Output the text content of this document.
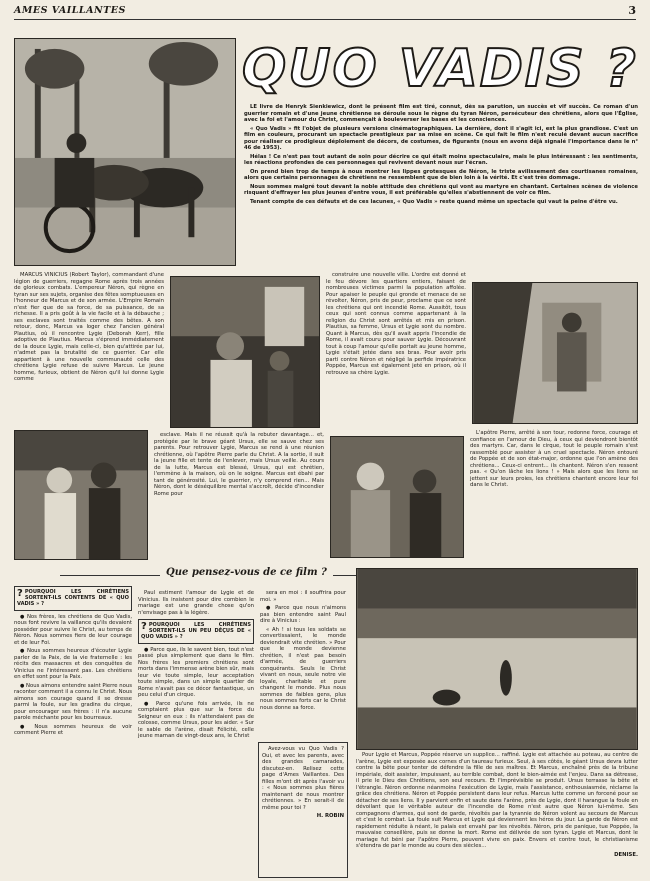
AMES VAILLANTES	3
QUO VADIS ?

LE livre de Henryk Sienkiewicz, dont le présent film est tiré, connut, dès sa parution, un succès et vif succès. Ce roman d'un guerrier romain et d'une jeune chrétienne se déroule sous le règne du tyran Néron, persécuteur des chrétiens, alors que l'Église, avec la foi et l'amour du Christ, commençait à bouleverser les bases et les consciences.

« Quo Vadis » fit l'objet de plusieurs versions cinématographiques. La dernière, dont il s'agit ici, est la plus grandiose. C'est un film en couleurs, procurant un spectacle prestigieux par sa mise en scène. Ce qui fait le film n'est reculé devant aucun sacrifice pour réaliser ce prodigieux déploiement de décors, de costumes, de figurants (nous en avons déjà signalé l'importance dans le n° 46 de 1953).

Hélas ! Ce n'est pas tout autant de soin pour décrire ce qui était moins spectaculaire, mais le plus intéressant : les sentiments, les réactions profondes de ces personnages qui revivent devant nous sur l'écran.

On prend bien trop de temps à nous montrer les lippes grotesques de Néron, le triste avilissement des courtisanes romaines, alors que certains personnages de chrétiens ne ressemblent que de bien loin à la vérité. Et c'est très dommage.

Nous sommes malgré tout devant la noble attitude des chrétiens qui vont au martyre en chantant. Certaines scènes de violence risquant d'effrayer les plus jeunes d'entre vous, il est préférable qu'elles s'abstiennent de voir ce film.

Tenant compte de ces défauts et de ces lacunes, « Quo Vadis » reste quand même un spectacle qui vaut la peine d'être vu.

MARCUS VINICIUS (Robert Taylor), commandant d'une légion de guerriers, regagne Rome après trois années de glorieux combats. L'empereur Néron, qui règne en tyran sur ses sujets, organise des fêtes somptueuses en l'honneur de Marcus et de son armée. L'Empire Romain n'est fier que de sa force, de sa puissance, de sa richesse. Il a pris goût à la vie facile et à la débauche ; ses esclaves sont traités comme des bêtes. A son retour, donc, Marcus va loger chez l'ancien général Plautius, où il rencontre Lygie (Deborah Kerr), fille adoptive de Plautius. Marcus s'éprend immédiatement de la douce Lygie, mais celle-ci, bien qu'attirée par lui, n'admet pas la brutalité de ce guerrier. Car elle appartient à une nouvelle communauté celle des chrétiens Lygie refuse de suivre Marcus. Le jeune homme, furieux, obtient de Néron qu'il lui donne Lygie comme

construire une nouvelle ville. L'ordre est donné et le feu dévore les quartiers entiers, faisant de nombreuses victimes parmi la population affolée. Pour apaiser le peuple qui gronde et menace de se révolter, Néron, pris de peur, proclame que ce sont les chrétiens qui ont incendié Rome. Aussitôt, tous ceux qui sont connus comme appartenant à la religion du Christ sont arrêtés et mis en prison. Plautius, sa femme, Ursus et Lygie sont du nombre. Quant à Marcus, dès qu'il avait appris l'incendie de Rome, il avait couru pour sauver Lygie. Découvrant tout à coup l'amour qu'elle portait au jeune homme, Lygie s'était jetée dans ses bras. Pour avoir pris parti contre Néron et négligé la perfide impératrice Poppée, Marcus est également jeté en prison, où il retrouve sa chère Lygie.

esclave. Mais il ne réussit qu'à la rebuter davantage... et, protégée par le brave géant Ursus, elle se sauve chez ses parents. Pour retrouver Lygie, Marcus se rend à une réunion chrétienne, où l'apôtre Pierre parle du Christ. A la sortie, il suit la jeune fille et tente de l'enlever, mais Ursus veille. Au cours de la lutte, Marcus est blessé, Ursus, qui est chrétien, l'emmène à la maison, où on le soigne. Marcus est ébahi par tant de générosité. Lui, le guerrier, n'y comprend rien... Mais Néron, dont le déséquilibre mental s'accroît, décide d'incendier Rome pour

L'apôtre Pierre, arrêté à son tour, redonne force, courage et confiance en l'amour de Dieu, à ceux qui deviendront bientôt des martyrs. Car, dans le cirque, tout le peuple romain s'est rassemblé pour assister à un cruel spectacle. Néron entouré de Poppée et de son état-major, ordonne que l'on amène des chrétiens... Ceux-ci entrent... ils chantent. Néron s'en ressent pas. « Qu'on lâche les lions ! » Mais alors que les lions se jettent sur leurs proies, les chrétiens chantent encore leur foi dans le Christ.

Que pensez-vous de ce film ?
? POURQUOI LES CHRÉTIENS SORTENT-ILS CONTENTS DE « QUO VADIS » ?

● Nos frères, les chrétiens de Quo Vadis, nous font revivre la vaillance qu'ils devaient posséder pour suivre le Christ, au temps de Néron. Nous sommes fiers de leur courage et de leur Foi.

● Nous sommes heureux d'écouter Lygie parler de la Paix, de la vie fraternelle : les récits des massacres et des conquêtes de Vinicius ne l'intéressent pas. Les chrétiens en effet sont pour la Paix.

● Nous aimons entendre saint Pierre nous raconter comment il a connu le Christ. Nous aimons son courage quand il se dresse parmi la foule, sur les gradins du cirque, pour encourager ses frères : il n'a aucune parole méchante pour les bourreaux.

● Nous sommes heureux de voir comment Pierre et

Paul estiment l'amour de Lygie et de Vinicius. Ils insistent pour dire combien le mariage est une grande chose qu'on n'envisage pas à la légère.

? POURQUOI LES CHRÉTIENS SORTENT-ILS UN PEU DÉÇUS DE « QUO VADIS » ?

● Parce que, ils le savent bien, tout n'est passé plus simplement que dans le film. Nos frères les premiers chrétiens sont morts dans l'immense arène bien sûr, mais leur vie toute simple, leur acceptation toute simple, dans un simple quartier de Rome n'avait pas ce décor fantastique, un peu celui d'un cirque.

● Parce qu'une fois arrivée, ils ne comptaient plus que sur la force du Seigneur en eux : ils n'attendaient pas de colosse, comme Ursus, pour les aider. « Sur le sable de l'arène, disait Félicité, celle jeune maman de vingt-deux ans, le Christ

sera en moi : il souffrira pour moi. »

● Parce que nous n'aimons pas bien entendre saint Paul dire à Vinicius :

« Ah ! si tous les soldats se convertissaient, le monde deviendrait vite chrétien. » Pour que le monde devienne chrétien, il n'est pas besoin d'armée, de guerriers conquérants. Seuls le Christ vivant en nous, seule notre vie loyale, charitable et pure changent le monde. Plus nous sommes de faibles gens, plus nous sommes forts car le Christ nous donne sa force.

Avez-vous vu Quo Vadis ? Oui, et avec les parents, avec des grandes camarades, discutez-en. Relisez cette page d'Ames Vaillantes. Des filles m'ont dit après l'avoir vu : « Nous sommes plus fières maintenant de nous montrer chrétiennes. » En serait-il de même pour toi ?

H. ROBIN

Pour Lygie et Marcus, Poppée réserve un supplice... raffiné. Lygie est attachée au poteau, au centre de l'arène, Lygie est exposée aux cornes d'un taureau furieux. Seul, à ses côtés, le géant Ursus devra lutter contre la bête pour tenter de défendre la fille de ses maîtres. Et Marcus, enchaîné près de la tribune impériale, doit assister, impuissant, au terrible combat, dont le bien-aimée est l'enjeu. Dans sa détresse, il prie le Dieu des Chrétiens, son seul recours. Et l'imprévisible se produit. Ursus terrasse la bête et l'étrangle. Néron ordonne néanmoins l'exécution de Lygie, mais l'assistance, enthousiasmée, réclame la grâce des chrétiens. Néron et Poppée persistent dans leur refus. Marcus lutte comme un forcené pour se détacher de ses liens. Il y parvient enfin et saute dans l'arène, près de Lygie, dont il harangue la foule en dévoilant que le véritable auteur de l'incendie de Rome n'est autre que Néron lui-même. Ses compagnons d'armes, qui sont de garde, révoltés par la tyrannie de Néron volent au secours de Marcus et c'est le combat. La foule suit Marcus et Lygie qui deviennent les héros du jour. La garde de Néron est rapidement réduite à néant, le palais est envahi par les révoltés. Néron, pris de panique, tue Poppée, la mauvaise conseillère, puis se donne la mort. Rome est délivrée de son tyran. Lygie et Marcus, dont le mariage fut béni par l'apôtre Pierre, peuvent vivre en paix. Envers et contre tout, le christianisme s'étendra de par le monde au cours des siècles...

DENISE.
